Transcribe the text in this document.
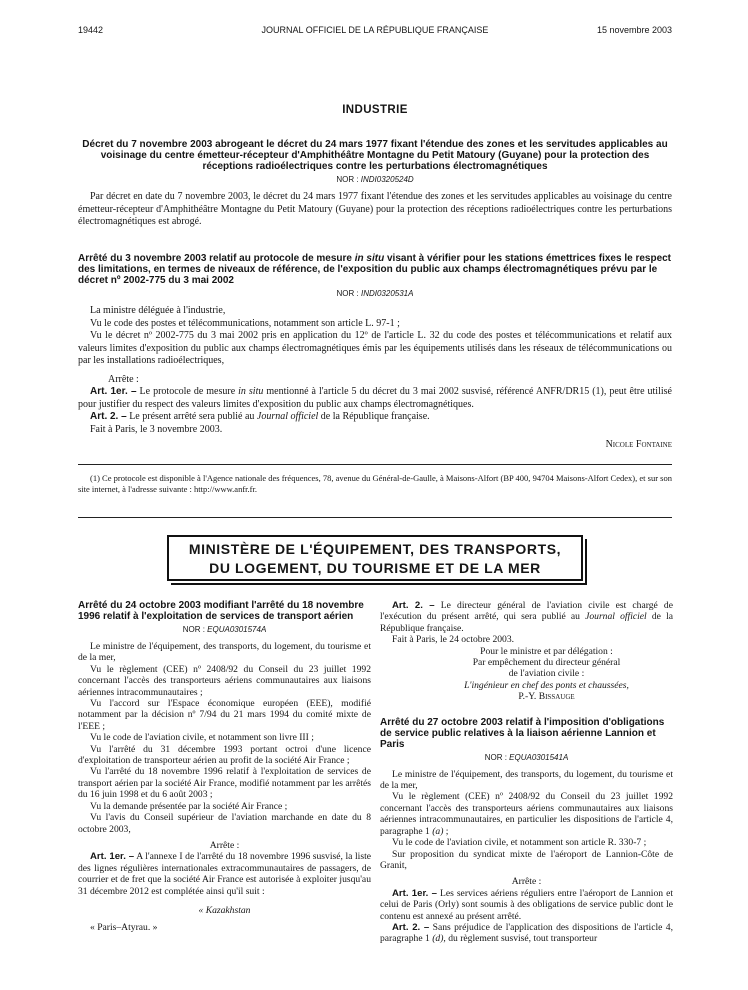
19442	JOURNAL OFFICIEL DE LA RÉPUBLIQUE FRANÇAISE	15 novembre 2003
INDUSTRIE
Décret du 7 novembre 2003 abrogeant le décret du 24 mars 1977 fixant l'étendue des zones et les servitudes applicables au voisinage du centre émetteur-récepteur d'Amphithéâtre Montagne du Petit Matoury (Guyane) pour la protection des réceptions radioélectriques contre les perturbations électromagnétiques
NOR : INDI0320524D

Par décret en date du 7 novembre 2003, le décret du 24 mars 1977 fixant l'étendue des zones et les servitudes applicables au voisinage du centre émetteur-récepteur d'Amphithéâtre Montagne du Petit Matoury (Guyane) pour la protection des réceptions radioélectriques contre les perturbations électromagnétiques est abrogé.

Arrêté du 3 novembre 2003 relatif au protocole de mesure in situ visant à vérifier pour les stations émettrices fixes le respect des limitations, en termes de niveaux de référence, de l'exposition du public aux champs électromagnétiques prévu par le décret nº 2002-775 du 3 mai 2002
NOR : INDI0320531A

La ministre déléguée à l'industrie,

Vu le code des postes et télécommunications, notamment son article L. 97-1 ;

Vu le décret nº 2002-775 du 3 mai 2002 pris en application du 12º de l'article L. 32 du code des postes et télécommunications et relatif aux valeurs limites d'exposition du public aux champs électromagnétiques émis par les équipements utilisés dans les réseaux de télécommunications ou par les installations radioélectriques,

Arrête :

Art. 1er. – Le protocole de mesure in situ mentionné à l'article 5 du décret du 3 mai 2002 susvisé, référencé ANFR/DR15 (1), peut être utilisé pour justifier du respect des valeurs limites d'exposition du public aux champs électromagnétiques.

Art. 2. – Le présent arrêté sera publié au Journal officiel de la République française.

Fait à Paris, le 3 novembre 2003.

Nicole Fontaine

(1) Ce protocole est disponible à l'Agence nationale des fréquences, 78, avenue du Général-de-Gaulle, à Maisons-Alfort (BP 400, 94704 Maisons-Alfort Cedex), et sur son site internet, à l'adresse suivante : http://www.anfr.fr.

MINISTÈRE DE L'ÉQUIPEMENT, DES TRANSPORTS,
DU LOGEMENT, DU TOURISME ET DE LA MER
Arrêté du 24 octobre 2003 modifiant l'arrêté du 18 novembre 1996 relatif à l'exploitation de services de transport aérien
NOR : EQUA0301574A

Le ministre de l'équipement, des transports, du logement, du tourisme et de la mer,

Vu le règlement (CEE) nº 2408/92 du Conseil du 23 juillet 1992 concernant l'accès des transporteurs aériens communautaires aux liaisons aériennes intracommunautaires ;

Vu l'accord sur l'Espace économique européen (EEE), modifié notamment par la décision nº 7/94 du 21 mars 1994 du comité mixte de l'EEE ;

Vu le code de l'aviation civile, et notamment son livre III ;

Vu l'arrêté du 31 décembre 1993 portant octroi d'une licence d'exploitation de transporteur aérien au profit de la société Air France ;

Vu l'arrêté du 18 novembre 1996 relatif à l'exploitation de services de transport aérien par la société Air France, modifié notamment par les arrêtés du 16 juin 1998 et du 6 août 2003 ;

Vu la demande présentée par la société Air France ;

Vu l'avis du Conseil supérieur de l'aviation marchande en date du 8 octobre 2003,

Arrête :

Art. 1er. – A l'annexe I de l'arrêté du 18 novembre 1996 susvisé, la liste des lignes régulières internationales extracommunautaires de passagers, de courrier et de fret que la société Air France est autorisée à exploiter jusqu'au 31 décembre 2012 est complétée ainsi qu'il suit :

« Kazakhstan

« Paris–Atyrau. »

Art. 2. – Le directeur général de l'aviation civile est chargé de l'exécution du présent arrêté, qui sera publié au Journal officiel de la République française.

Fait à Paris, le 24 octobre 2003.

Pour le ministre et par délégation :

Par empêchement du directeur général

de l'aviation civile :

L'ingénieur en chef des ponts et chaussées,

P.-Y. Bissauge

Arrêté du 27 octobre 2003 relatif à l'imposition d'obligations de service public relatives à la liaison aérienne Lannion et Paris
NOR : EQUA0301541A

Le ministre de l'équipement, des transports, du logement, du tourisme et de la mer,

Vu le règlement (CEE) nº 2408/92 du Conseil du 23 juillet 1992 concernant l'accès des transporteurs aériens communautaires aux liaisons aériennes intracommunautaires, en particulier les dispositions de l'article 4, paragraphe 1 (a) ;

Vu le code de l'aviation civile, et notamment son article R. 330-7 ;

Sur proposition du syndicat mixte de l'aéroport de Lannion-Côte de Granit,

Arrête :

Art. 1er. – Les services aériens réguliers entre l'aéroport de Lannion et celui de Paris (Orly) sont soumis à des obligations de service public dont le contenu est annexé au présent arrêté.

Art. 2. – Sans préjudice de l'application des dispositions de l'article 4, paragraphe 1 (d), du règlement susvisé, tout transporteur
